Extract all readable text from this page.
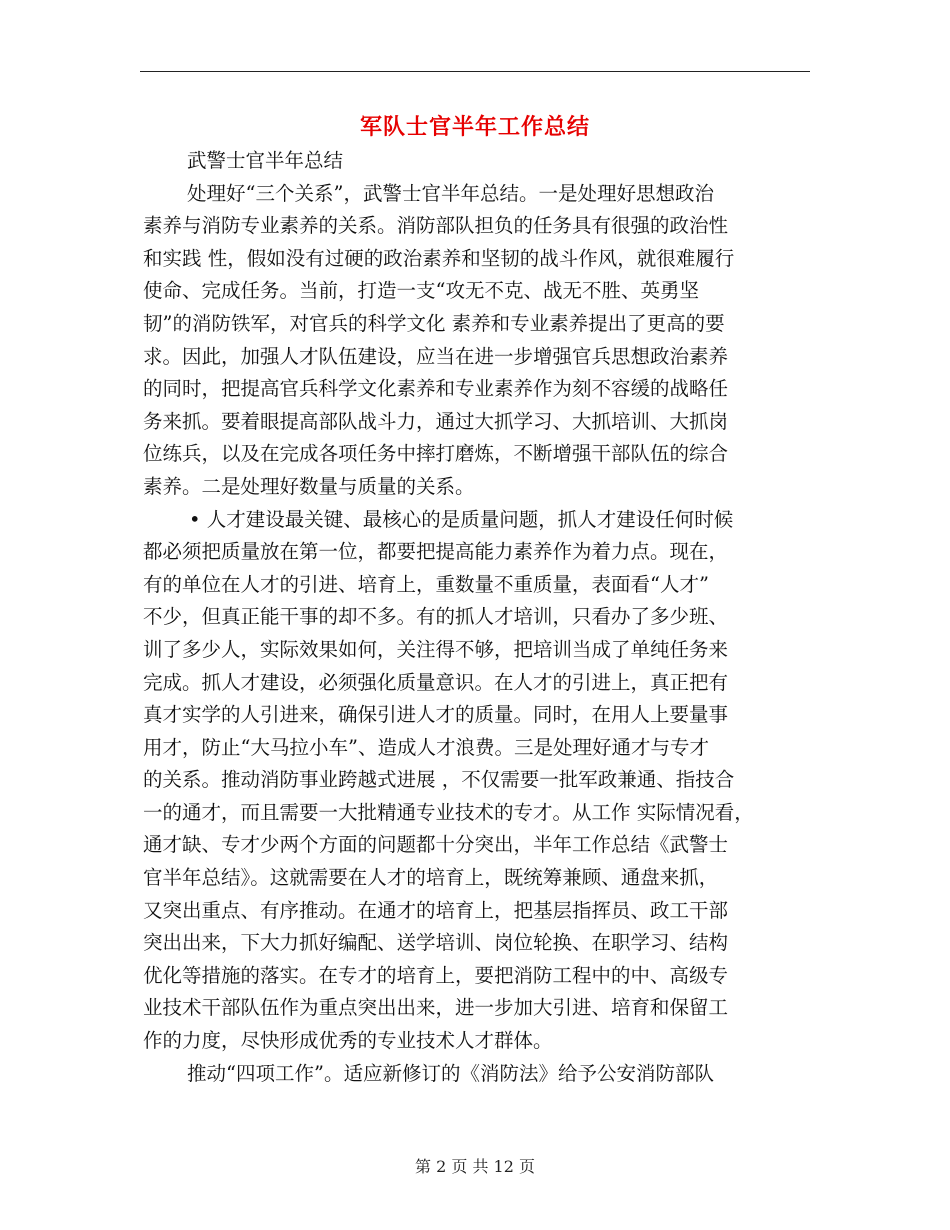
军队士官半年工作总结
武警士官半年总结
处理好“三个关系”，武警士官半年总结。一是处理好思想政治
素养与消防专业素养的关系。消防部队担负的任务具有很强的政治性
和实践 性，假如没有过硬的政治素养和坚韧的战斗作风，就很难履行
使命、完成任务。当前，打造一支“攻无不克、战无不胜、英勇坚
韧”的消防铁军，对官兵的科学文化 素养和专业素养提出了更高的要
求。因此，加强人才队伍建设，应当在进一步增强官兵思想政治素养
的同时，把提高官兵科学文化素养和专业素养作为刻不容缓的战略任
务来抓。要着眼提高部队战斗力，通过大抓学习、大抓培训、大抓岗
位练兵，以及在完成各项任务中摔打磨炼，不断增强干部队伍的综合
素养。二是处理好数量与质量的关系。
• 人才建设最关键、最核心的是质量问题，抓人才建设任何时候
都必须把质量放在第一位，都要把提高能力素养作为着力点。现在，
有的单位在人才的引进、培育上，重数量不重质量，表面看“人才”
不少，但真正能干事的却不多。有的抓人才培训，只看办了多少班、
训了多少人，实际效果如何，关注得不够，把培训当成了单纯任务来
完成。抓人才建设，必须强化质量意识。在人才的引进上，真正把有
真才实学的人引进来，确保引进人才的质量。同时，在用人上要量事
用才，防止“大马拉小车”、造成人才浪费。三是处理好通才与专才
的关系。推动消防事业跨越式进展 ，不仅需要一批军政兼通、指技合
一的通才，而且需要一大批精通专业技术的专才。从工作 实际情况看，
通才缺、专才少两个方面的问题都十分突出，半年工作总结《武警士
官半年总结》。这就需要在人才的培育上，既统筹兼顾、通盘来抓，
又突出重点、有序推动。在通才的培育上，把基层指挥员、政工干部
突出出来，下大力抓好编配、送学培训、岗位轮换、在职学习、结构
优化等措施的落实。在专才的培育上，要把消防工程中的中、高级专
业技术干部队伍作为重点突出出来，进一步加大引进、培育和保留工
作的力度，尽快形成优秀的专业技术人才群体。
推动“四项工作”。适应新修订的《消防法》给予公安消防部队
第 2 页 共 12 页
